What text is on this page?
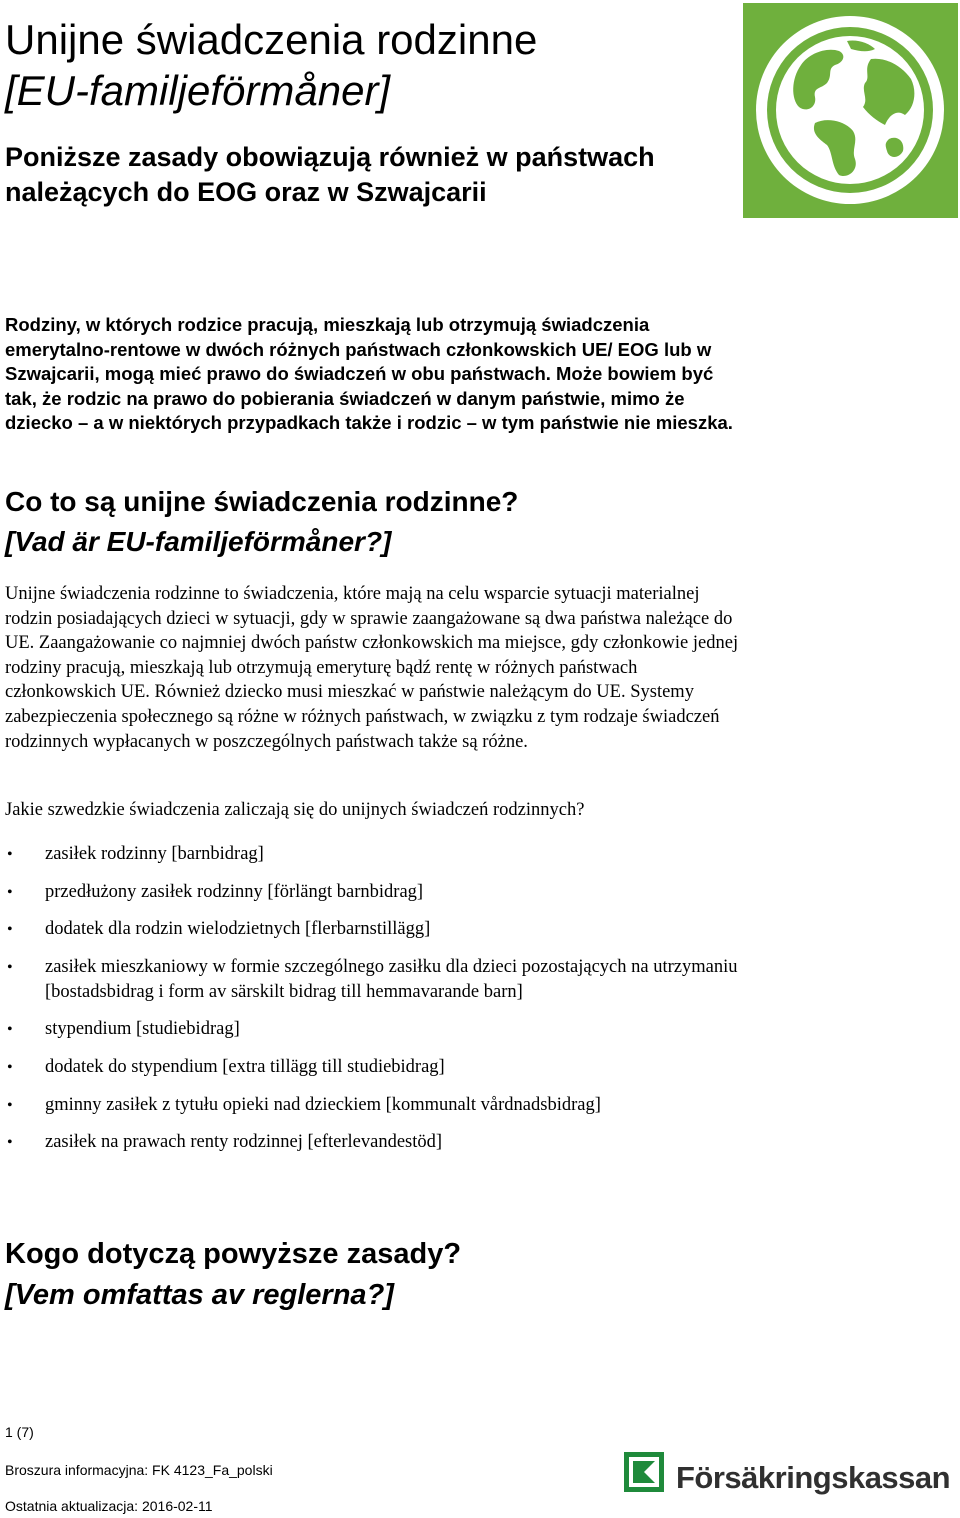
Unijne świadczenia rodzinne
[EU-familjeförmåner]

Poniższe zasady obowiązują również w państwach należących do EOG oraz w Szwajcarii

Rodziny, w których rodzice pracują, mieszkają lub otrzymują świadczenia emerytalno-rentowe w dwóch różnych państwach członkowskich UE/ EOG lub w Szwajcarii, mogą mieć prawo do świadczeń w obu państwach. Może bowiem być tak, że rodzic na prawo do pobierania świadczeń w danym państwie, mimo że dziecko – a w niektórych przypadkach także i rodzic – w tym państwie nie mieszka.

Co to są unijne świadczenia rodzinne?
[Vad är EU-familjeförmåner?]

Unijne świadczenia rodzinne to świadczenia, które mają na celu wsparcie sytuacji materialnej rodzin posiadających dzieci w sytuacji, gdy w sprawie zaangażowane są dwa państwa należące do UE. Zaangażowanie co najmniej dwóch państw członkowskich ma miejsce, gdy członkowie jednej rodziny pracują, mieszkają lub otrzymują emeryturę bądź rentę w różnych państwach członkowskich UE. Również dziecko musi mieszkać w państwie należącym do UE. Systemy zabezpieczenia społecznego są różne w różnych państwach, w związku z tym rodzaje świadczeń rodzinnych wypłacanych w poszczególnych państwach także są różne.

Jakie szwedzkie świadczenia zaliczają się do unijnych świadczeń rodzinnych?

• zasiłek rodzinny [barnbidrag]
• przedłużony zasiłek rodzinny [förlängt barnbidrag]
• dodatek dla rodzin wielodzietnych [flerbarnstillägg]
• zasiłek mieszkaniowy w formie szczególnego zasiłku dla dzieci pozostających na utrzymaniu [bostadsbidrag i form av särskilt bidrag till hemmavarande barn]
• stypendium [studiebidrag]
• dodatek do stypendium [extra tillägg till studiebidrag]
• gminny zasiłek z tytułu opieki nad dzieckiem [kommunalt vårdnadsbidrag]
• zasiłek na prawach renty rodzinnej [efterlevandestöd]
Kogo dotyczą powyższe zasady?
[Vem omfattas av reglerna?]
1 (7)
Broszura informacyjna: FK 4123_Fa_polski
Ostatnia aktualizacja: 2016-02-11
Försäkringskassan
